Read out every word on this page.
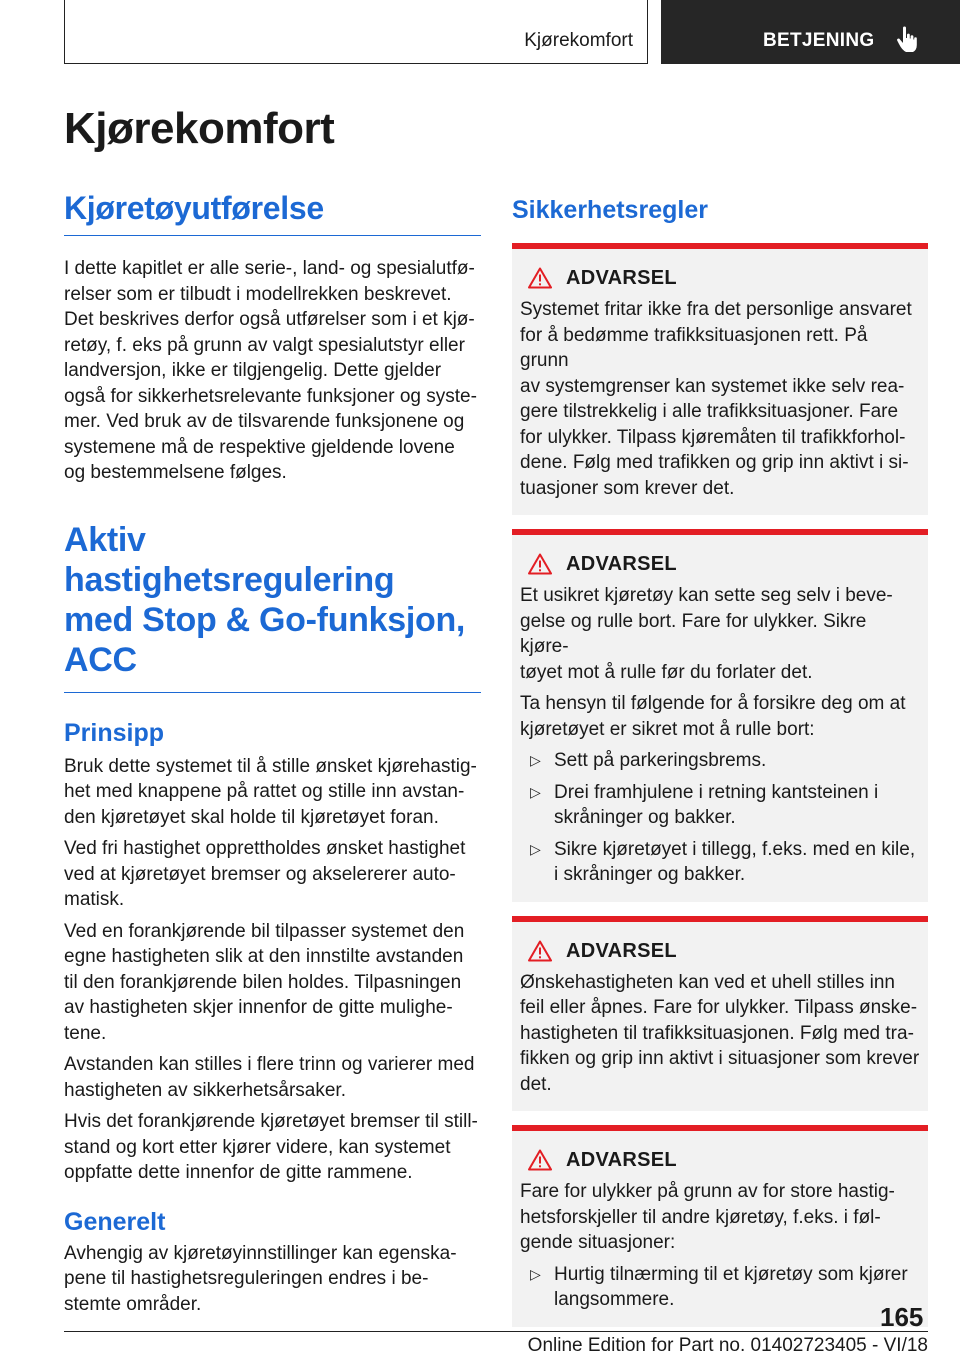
Kjørekomfort	BETJENING
Kjørekomfort
Kjøretøyutførelse

I dette kapitlet er alle serie-, land- og spesialutfø-
relser som er tilbudt i modellrekken beskrevet.
Det beskrives derfor også utførelser som i et kjø-
retøy, f. eks på grunn av valgt spesialutstyr eller
landversjon, ikke er tilgjengelig. Dette gjelder
også for sikkerhetsrelevante funksjoner og syste-
mer. Ved bruk av de tilsvarende funksjonene og
systemene må de respektive gjeldende lovene
og bestemmelsene følges.

Aktiv hastighetsregulering
med Stop & Go-funksjon,
ACC
Prinsipp

Bruk dette systemet til å stille ønsket kjørehastig-
het med knappene på rattet og stille inn avstan-
den kjøretøyet skal holde til kjøretøyet foran.

Ved fri hastighet opprettholdes ønsket hastighet
ved at kjøretøyet bremser og akselererer auto-
matisk.

Ved en forankjørende bil tilpasser systemet den
egne hastigheten slik at den innstilte avstanden
til den forankjørende bilen holdes. Tilpasningen
av hastigheten skjer innenfor de gitte mulighe-
tene.

Avstanden kan stilles i flere trinn og varierer med
hastigheten av sikkerhetsårsaker.

Hvis det forankjørende kjøretøyet bremser til still-
stand og kort etter kjører videre, kan systemet
oppfatte dette innenfor de gitte rammene.

Generelt

Avhengig av kjøretøyinnstillinger kan egenska-
pene til hastighetsreguleringen endres i be-
stemte områder.

Sikkerhetsregler
ADVARSEL

Systemet fritar ikke fra det personlige ansvaret
for å bedømme trafikksituasjonen rett. På grunn
av systemgrenser kan systemet ikke selv rea-
gere tilstrekkelig i alle trafikksituasjoner. Fare
for ulykker. Tilpass kjøremåten til trafikkforhol-
dene. Følg med trafikken og grip inn aktivt i si-
tuasjoner som krever det.

ADVARSEL

Et usikret kjøretøy kan sette seg selv i beve-
gelse og rulle bort. Fare for ulykker. Sikre kjøre-
tøyet mot å rulle før du forlater det.

Ta hensyn til følgende for å forsikre deg om at
kjøretøyet er sikret mot å rulle bort:

▷ Sett på parkeringsbrems.

▷ Drei framhjulene i retning kantsteinen i
skråninger og bakker.

▷ Sikre kjøretøyet i tillegg, f.eks. med en kile,
i skråninger og bakker.

ADVARSEL

Ønskehastigheten kan ved et uhell stilles inn
feil eller åpnes. Fare for ulykker. Tilpass ønske-
hastigheten til trafikksituasjonen. Følg med tra-
fikken og grip inn aktivt i situasjoner som krever
det.

ADVARSEL

Fare for ulykker på grunn av for store hastig-
hetsforskjeller til andre kjøretøy, f.eks. i føl-
gende situasjoner:

▷ Hurtig tilnærming til et kjøretøy som kjører
langsommere.

165
Online Edition for Part no. 01402723405 - VI/18
